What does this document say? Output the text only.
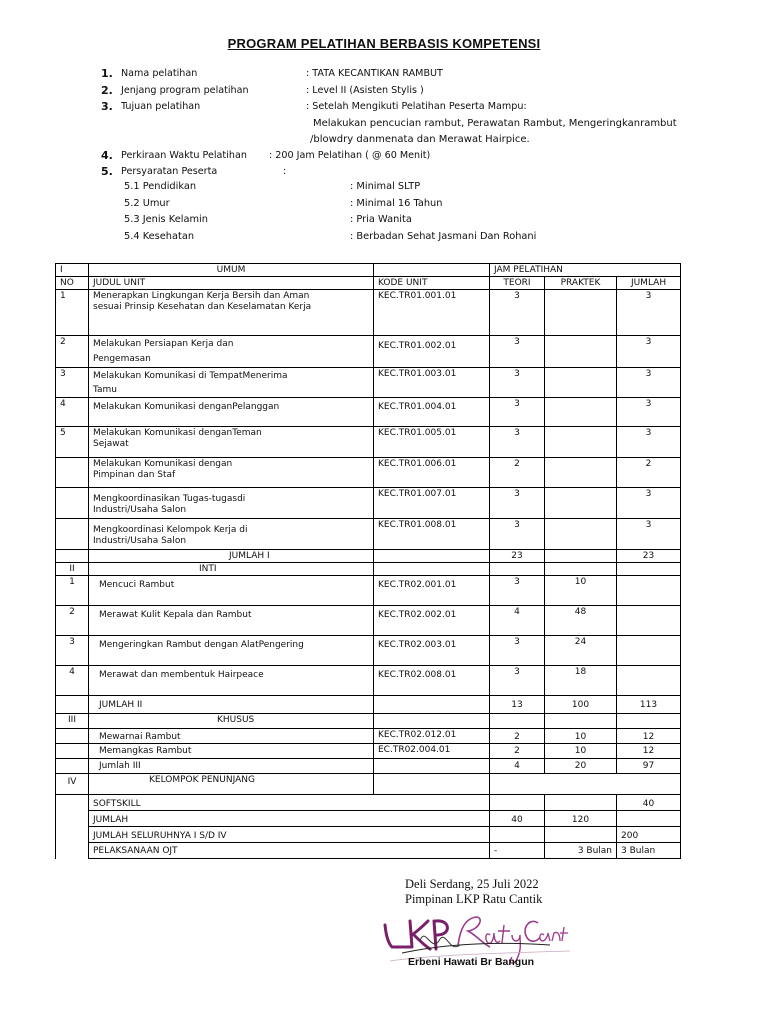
PROGRAM PELATIHAN BERBASIS KOMPETENSI
1. Nama pelatihan	: TATA KECANTIKAN RAMBUT
2. Jenjang program pelatihan	: Level II (Asisten Stylis )
3. Tujuan pelatihan	: Setelah Mengikuti Pelatihan Peserta Mampu:
Melakukan pencucian rambut, Perawatan Rambut, Mengeringkanrambut
/blowdry danmenata dan Merawat Hairpice.
4. Perkiraan Waktu Pelatihan : 200 Jam Pelatihan ( @ 60 Menit)
5. Persyaratan Peserta	:
5.1 Pendidikan	: Minimal SLTP
5.2 Umur	: Minimal 16 Tahun
5.3 Jenis Kelamin	: Pria Wanita
5.4 Kesehatan	: Berbadan Sehat Jasmani Dan Rohani
I	UMUM		JAM PELATIHAN		
NO	JUDUL UNIT	KODE UNIT	TEORI	PRAKTEK	JUMLAH
1	Menerapkan Lingkungan Kerja Bersih dan Aman sesuai Prinsip Kesehatan dan Keselamatan Kerja	KEC.TR01.001.01	3		3
2	Melakukan Persiapan Kerja dan Pengemasan	KEC.TR01.002.01	3		3
3	Melakukan Komunikasi di TempatMenerima Tamu	KEC.TR01.003.01	3		3
4	Melakukan Komunikasi denganPelanggan	KEC.TR01.004.01	3		3
5	Melakukan Komunikasi denganTeman Sejawat	KEC.TR01.005.01	3		3
	Melakukan Komunikasi dengan Pimpinan dan Staf	KEC.TR01.006.01	2		2
	Mengkoordinasikan Tugas-tugasdi Industri/Usaha Salon	KEC.TR01.007.01	3		3
	Mengkoordinasi Kelompok Kerja di Industri/Usaha Salon	KEC.TR01.008.01	3		3
	JUMLAH I		23		23
II	INTI				
1	Mencuci Rambut	KEC.TR02.001.01	3	10	
2	Merawat Kulit Kepala dan Rambut	KEC.TR02.002.01	4	48	
3	Mengeringkan Rambut dengan AlatPengering	KEC.TR02.003.01	3	24	
4	Merawat dan membentuk Hairpeace	KEC.TR02.008.01	3	18	
	JUMLAH II		13	100	113
III	KHUSUS				
	Mewarnai Rambut	KEC.TR02.012.01	2	10	12
	Memangkas Rambut	EC.TR02.004.01	2	10	12
	Jumlah III		4	20	97
IV	KELOMPOK PENUNJANG				
	SOFTSKILL				40
	JUMLAH		40	120	
	JUMLAH SELURUHNYA I S/D IV				200
	PELAKSANAAN OJT		-	3 Bulan	3 Bulan
Deli Serdang, 25 Juli 2022
Pimpinan LKP Ratu Cantik
Erbeni Hawati Br Bangun
